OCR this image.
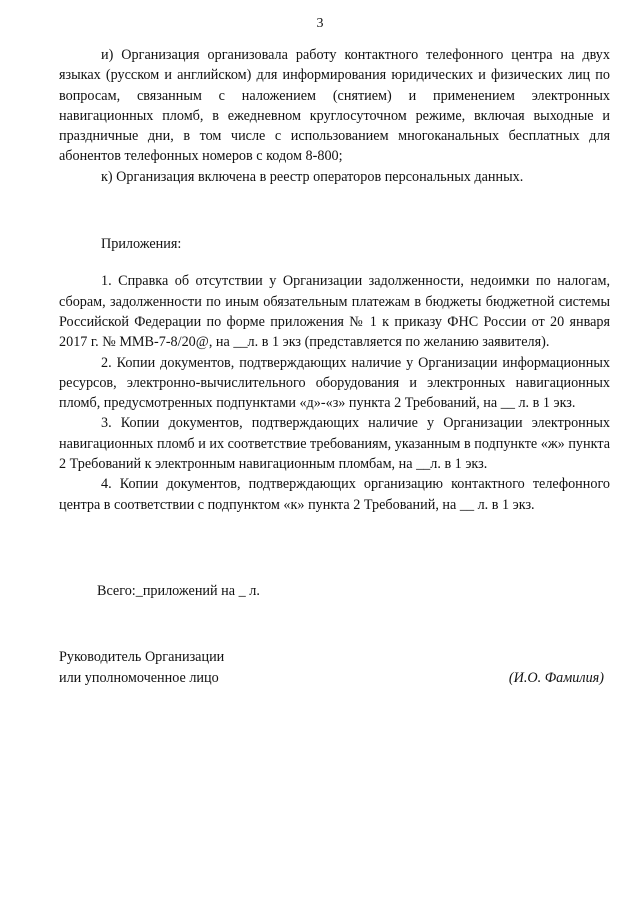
3

и) Организация организовала работу контактного телефонного центра на двух языках (русском и английском) для информирования юридических и физических лиц по вопросам, связанным с наложением (снятием) и применением электронных навигационных пломб, в ежедневном круглосуточном режиме, включая выходные и праздничные дни, в том числе с использованием многоканальных бесплатных для абонентов телефонных номеров с кодом 8-800;

к) Организация включена в реестр операторов персональных данных.

Приложения:

1. Справка об отсутствии у Организации задолженности, недоимки по налогам, сборам, задолженности по иным обязательным платежам в бюджеты бюджетной системы Российской Федерации по форме приложения № 1 к приказу ФНС России от 20 января 2017 г. № ММВ-7-8/20@, на __л. в 1 экз (представляется по желанию заявителя).

2. Копии документов, подтверждающих наличие у Организации информационных ресурсов, электронно-вычислительного оборудования и электронных навигационных пломб, предусмотренных подпунктами «д»-«з» пункта 2 Требований, на __ л. в 1 экз.

3. Копии документов, подтверждающих наличие у Организации электронных навигационных пломб и их соответствие требованиям, указанным в подпункте «ж» пункта 2 Требований к электронным навигационным пломбам, на __л. в 1 экз.

4. Копии документов, подтверждающих организацию контактного телефонного центра в соответствии с подпунктом «к» пункта 2 Требований, на __ л. в 1 экз.

Всего:_приложений на _ л.

Руководитель Организации
или уполномоченное лицо	(И.О. Фамилия)
